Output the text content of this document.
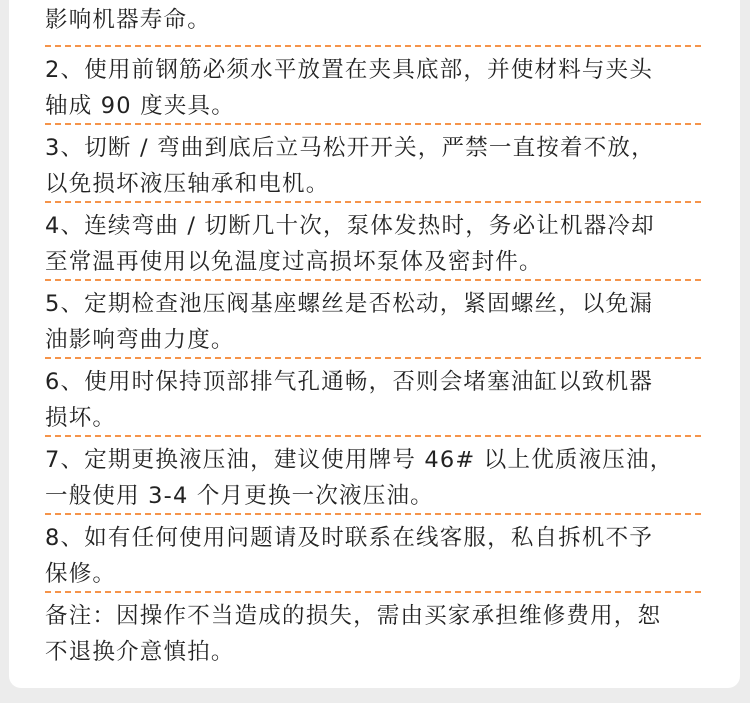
影响机器寿命。
2、使用前钢筋必须水平放置在夹具底部，并使材料与夹头
轴成 90 度夹具。
3、切断 / 弯曲到底后立马松开开关，严禁一直按着不放，
以免损坏液压轴承和电机。
4、连续弯曲 / 切断几十次，泵体发热时，务必让机器冷却
至常温再使用以免温度过高损坏泵体及密封件。
5、定期检查池压阀基座螺丝是否松动，紧固螺丝，以免漏
油影响弯曲力度。
6、使用时保持顶部排气孔通畅，否则会堵塞油缸以致机器
损坏。
7、定期更换液压油，建议使用牌号 46# 以上优质液压油，
一般使用 3-4 个月更换一次液压油。
8、如有任何使用问题请及时联系在线客服，私自拆机不予
保修。
备注：因操作不当造成的损失，需由买家承担维修费用，恕
不退换介意慎拍。
